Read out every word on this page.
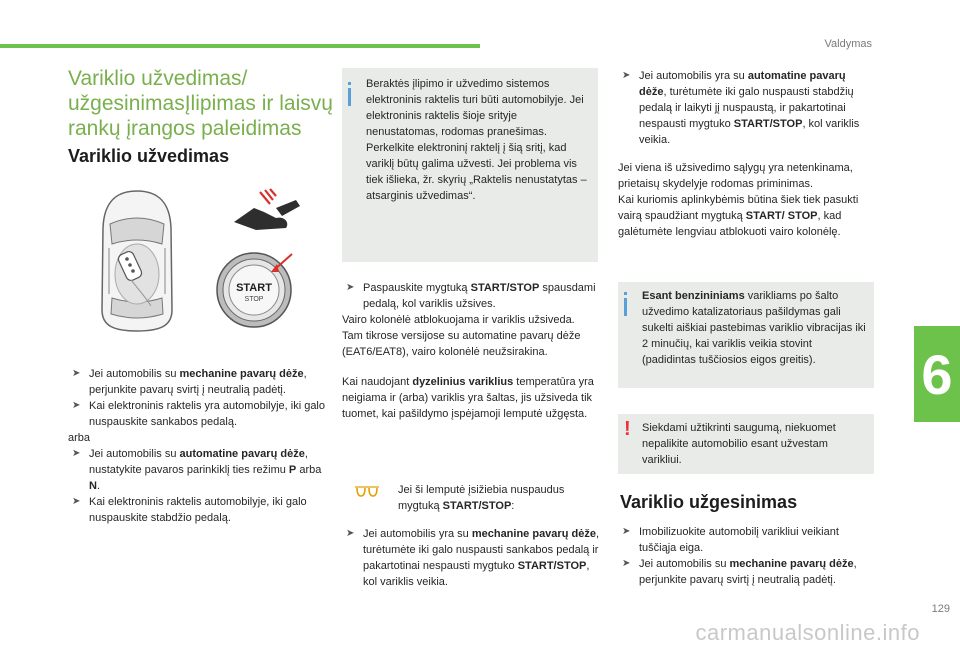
Valdymas
6
129
carmanualsonline.info
Variklio užvedimas/
užgesinimasĮlipimas ir laisvų
rankų įrangos paleidimas
Variklio užvedimas
START
STOP
➤ Jei automobilis su mechanine pavarų dėže, perjunkite pavarų svirtį į neutralią padėtį.
➤ Kai elektroninis raktelis yra automobilyje, iki galo nuspauskite sankabos pedalą.
arba
➤ Jei automobilis su automatine pavarų dėže, nustatykite pavaros parinkiklį ties režimu P arba N.
➤ Kai elektroninis raktelis automobilyje, iki galo nuspauskite stabdžio pedalą.
Beraktės įlipimo ir užvedimo sistemos elektroninis raktelis turi būti automobilyje. Jei elektroninis raktelis šioje srityje nenustatomas, rodomas pranešimas. Perkelkite elektroninį raktelį į šią sritį, kad variklį būtų galima užvesti. Jei problema vis tiek išlieka, žr. skyrių „Raktelis nenustatytas – atsarginis užvedimas“.
➤ Paspauskite mygtuką START/STOP spausdami pedalą, kol variklis užsives.
Vairo kolonėlė atblokuojama ir variklis užsiveda.
Tam tikrose versijose su automatine pavarų dėže (EAT6/EAT8), vairo kolonėlė neužsirakina.
Kai naudojant dyzelinius variklius temperatūra yra neigiama ir (arba) variklis yra šaltas, jis užsiveda tik tuomet, kai pašildymo įspėjamoji lemputė užgęsta.
Jei ši lemputė įsižiebia nuspaudus mygtuką START/STOP:
➤ Jei automobilis yra su mechanine pavarų dėže, turėtumėte iki galo nuspausti sankabos pedalą ir pakartotinai nespausti mygtuko START/STOP, kol variklis veikia.
➤ Jei automobilis yra su automatine pavarų dėže, turėtumėte iki galo nuspausti stabdžių pedalą ir laikyti jį nuspaustą, ir pakartotinai nespausti mygtuko START/STOP, kol variklis veikia.
Jei viena iš užsivedimo sąlygų yra netenkinama, prietaisų skydelyje rodomas priminimas.
Kai kuriomis aplinkybėmis būtina šiek tiek pasukti vairą spaudžiant mygtuką START/ STOP, kad galėtumėte lengviau atblokuoti vairo kolonėlę.
Esant benzininiams varikliams po šalto užvedimo katalizatoriaus pašildymas gali sukelti aiškiai pastebimas variklio vibracijas iki 2 minučių, kai variklis veikia stovint (padidintas tuščiosios eigos greitis).
! Siekdami užtikrinti saugumą, niekuomet nepalikite automobilio esant užvestam varikliui.
Variklio užgesinimas
➤ Imobilizuokite automobilį varikliui veikiant tuščiąja eiga.
➤ Jei automobilis su mechanine pavarų dėže, perjunkite pavarų svirtį į neutralią padėtį.
